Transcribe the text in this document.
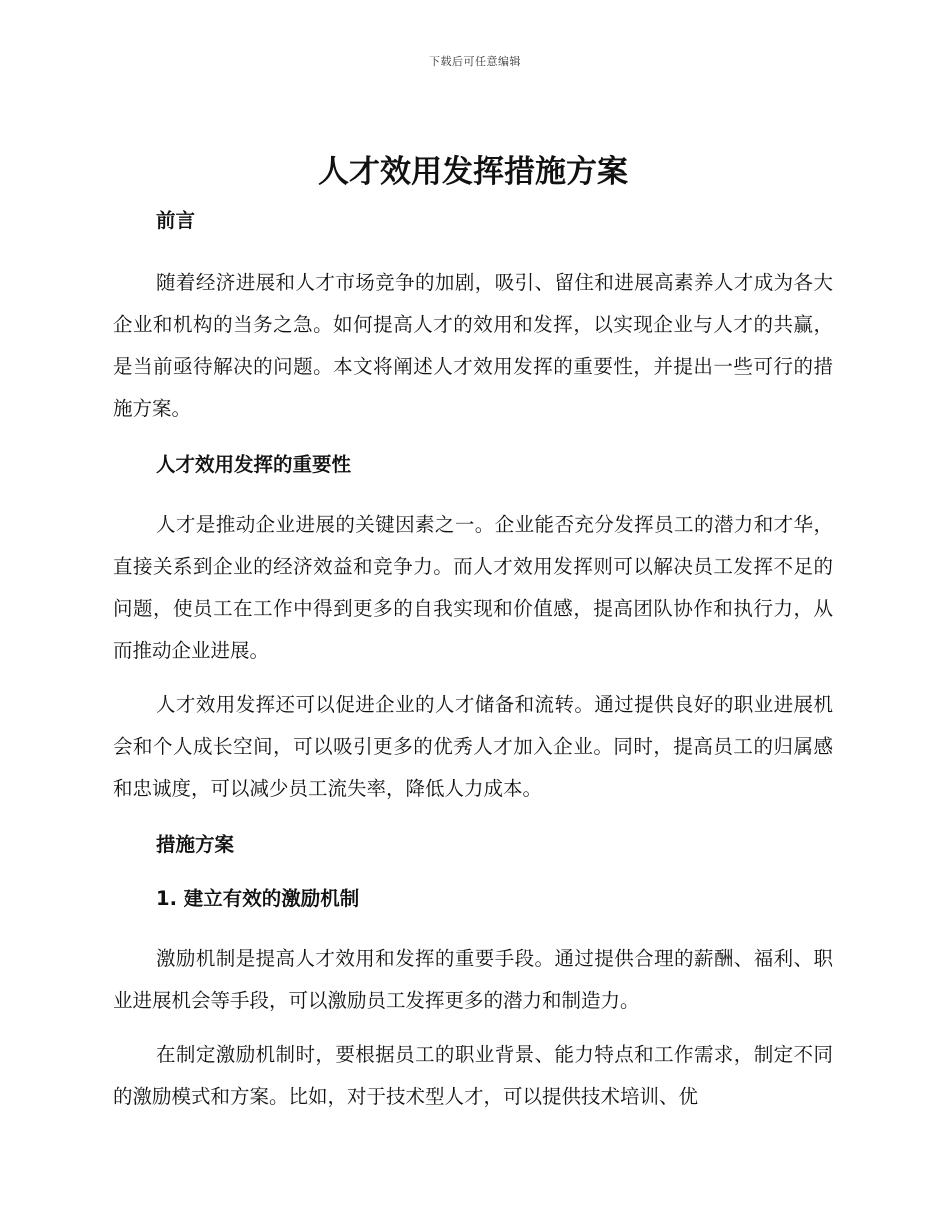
下载后可任意编辑
人才效用发挥措施方案
前言

随着经济进展和人才市场竞争的加剧，吸引、留住和进展高素养人才成为各大企业和机构的当务之急。如何提高人才的效用和发挥，以实现企业与人才的共赢，是当前亟待解决的问题。本文将阐述人才效用发挥的重要性，并提出一些可行的措施方案。

人才效用发挥的重要性

人才是推动企业进展的关键因素之一。企业能否充分发挥员工的潜力和才华，直接关系到企业的经济效益和竞争力。而人才效用发挥则可以解决员工发挥不足的问题，使员工在工作中得到更多的自我实现和价值感，提高团队协作和执行力，从而推动企业进展。

人才效用发挥还可以促进企业的人才储备和流转。通过提供良好的职业进展机会和个人成长空间，可以吸引更多的优秀人才加入企业。同时，提高员工的归属感和忠诚度，可以减少员工流失率，降低人力成本。

措施方案
1. 建立有效的激励机制

激励机制是提高人才效用和发挥的重要手段。通过提供合理的薪酬、福利、职业进展机会等手段，可以激励员工发挥更多的潜力和制造力。

在制定激励机制时，要根据员工的职业背景、能力特点和工作需求，制定不同的激励模式和方案。比如，对于技术型人才，可以提供技术培训、优
